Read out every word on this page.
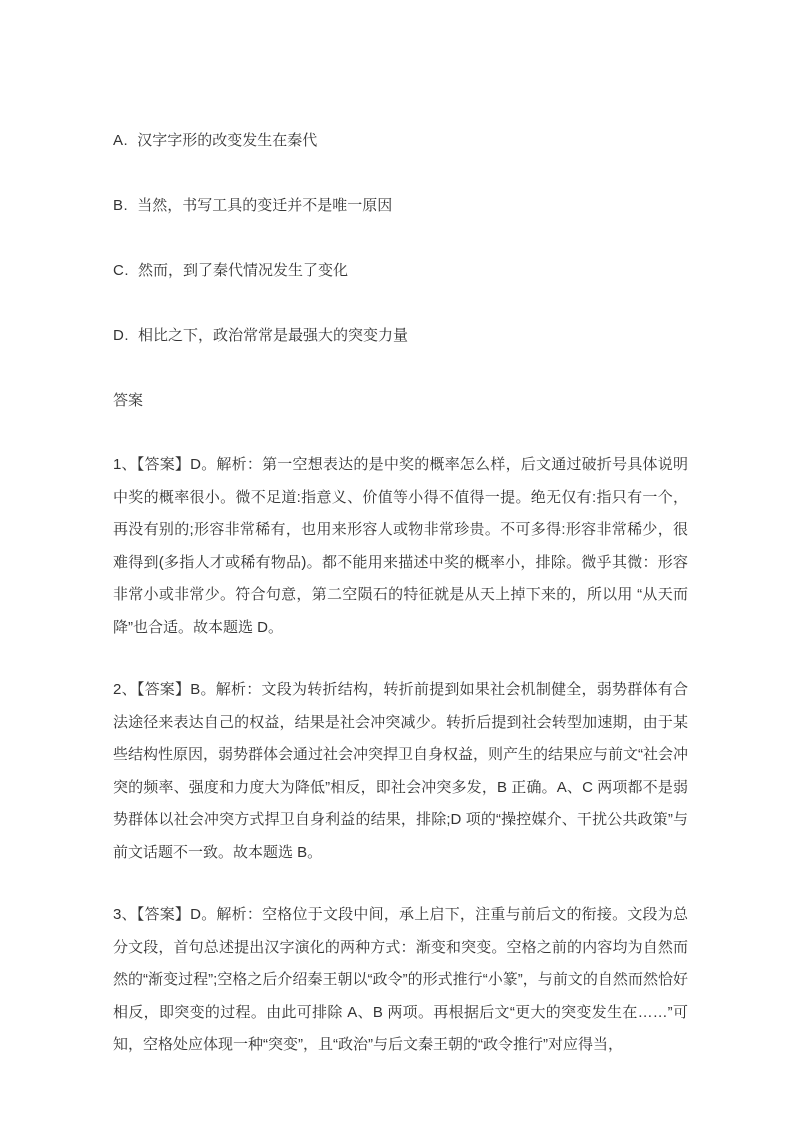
A. 汉字字形的改变发生在秦代

B. 当然，书写工具的变迁并不是唯一原因

C. 然而，到了秦代情况发生了变化

D. 相比之下，政治常常是最强大的突变力量

答案

1、【答案】D。解析：第一空想表达的是中奖的概率怎么样，后文通过破折号具体说明中奖的概率很小。微不足道:指意义、价值等小得不值得一提。绝无仅有:指只有一个，再没有别的;形容非常稀有，也用来形容人或物非常珍贵。不可多得:形容非常稀少，很难得到(多指人才或稀有物品)。都不能用来描述中奖的概率小，排除。微乎其微：形容非常小或非常少。符合句意，第二空陨石的特征就是从天上掉下来的，所以用 “从天而降”也合适。故本题选 D。

2、【答案】B。解析：文段为转折结构，转折前提到如果社会机制健全，弱势群体有合法途径来表达自己的权益，结果是社会冲突减少。转折后提到社会转型加速期，由于某些结构性原因，弱势群体会通过社会冲突捍卫自身权益，则产生的结果应与前文“社会冲突的频率、强度和力度大为降低”相反，即社会冲突多发，B 正确。A、C 两项都不是弱势群体以社会冲突方式捍卫自身利益的结果，排除;D 项的“操控媒介、干扰公共政策”与前文话题不一致。故本题选 B。

3、【答案】D。解析：空格位于文段中间，承上启下，注重与前后文的衔接。文段为总分文段，首句总述提出汉字演化的两种方式：渐变和突变。空格之前的内容均为自然而然的“渐变过程”;空格之后介绍秦王朝以“政令”的形式推行“小篆”，与前文的自然而然恰好相反，即突变的过程。由此可排除 A、B 两项。再根据后文“更大的突变发生在……”可知，空格处应体现一种“突变”，且“政治”与后文秦王朝的“政令推行”对应得当，
